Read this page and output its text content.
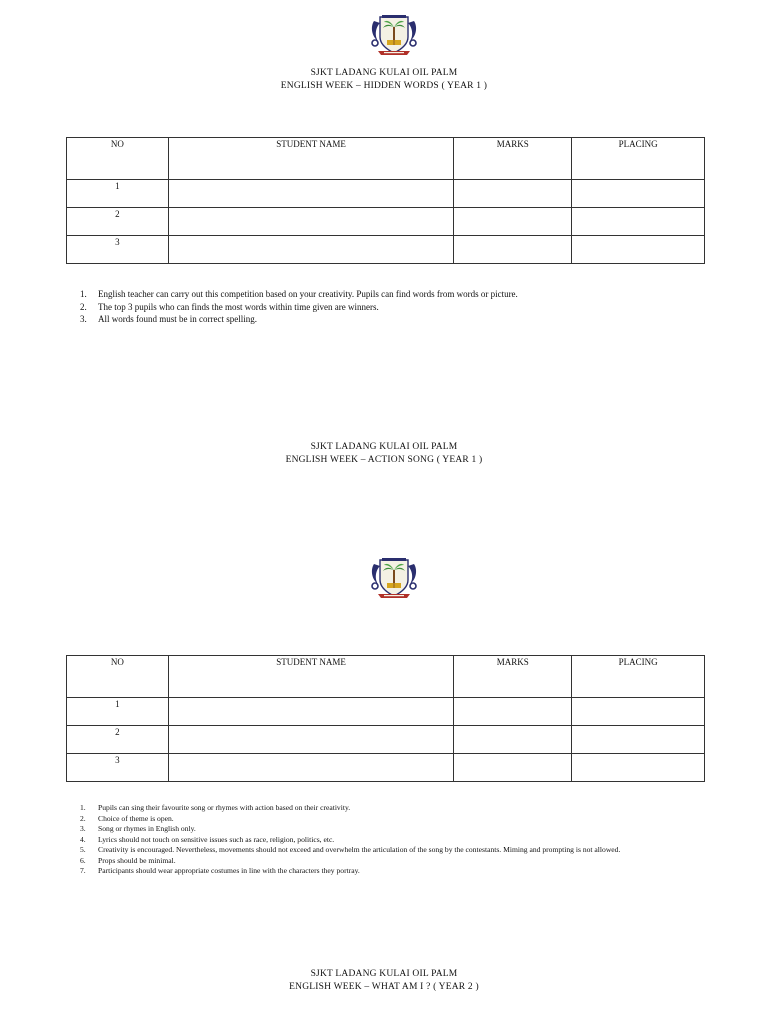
SJKT LADANG KULAI OIL PALM
ENGLISH WEEK – HIDDEN WORDS ( YEAR 1 )
NO	STUDENT NAME	MARKS	PLACING
1			
2			
3			
1. English teacher can carry out this competition based on your creativity. Pupils can find words from words or picture.
2. The top 3 pupils who can finds the most words within time given are winners.
3. All words found must be in correct spelling.
SJKT LADANG KULAI OIL PALM
ENGLISH WEEK – ACTION SONG ( YEAR 1 )
NO	STUDENT NAME	MARKS	PLACING
1			
2			
3			
1. Pupils can sing their favourite song or rhymes with action based on their creativity.
2. Choice of theme is open.
3. Song or rhymes in English only.
4. Lyrics should not touch on sensitive issues such as race, religion, politics, etc.
5. Creativity is encouraged. Nevertheless, movements should not exceed and overwhelm the articulation of the song by the contestants. Miming and prompting is not allowed.
6. Props should be minimal.
7. Participants should wear appropriate costumes in line with the characters they portray.
SJKT LADANG KULAI OIL PALM
ENGLISH WEEK – WHAT AM I ? ( YEAR 2 )
